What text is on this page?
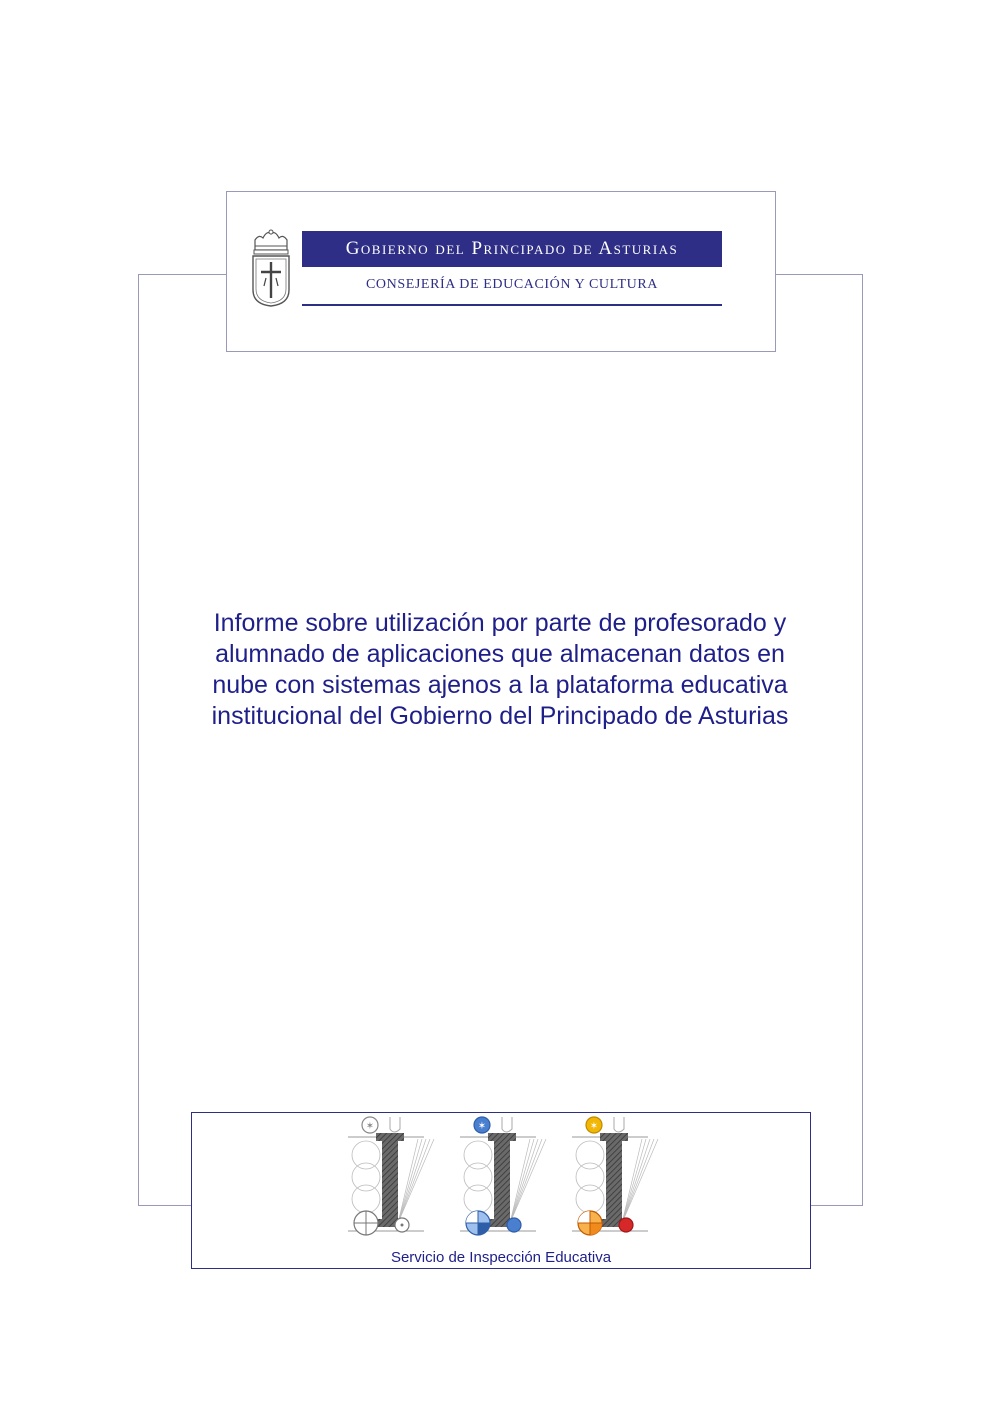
Gobierno del Principado de Asturias
CONSEJERÍA DE EDUCACIÓN Y CULTURA
Informe sobre utilización por parte de profesorado y alumnado de aplicaciones que almacenan datos en nube con sistemas ajenos a la plataforma educativa institucional del Gobierno del Principado de Asturias
✶	✶	✶
Servicio de Inspección Educativa
